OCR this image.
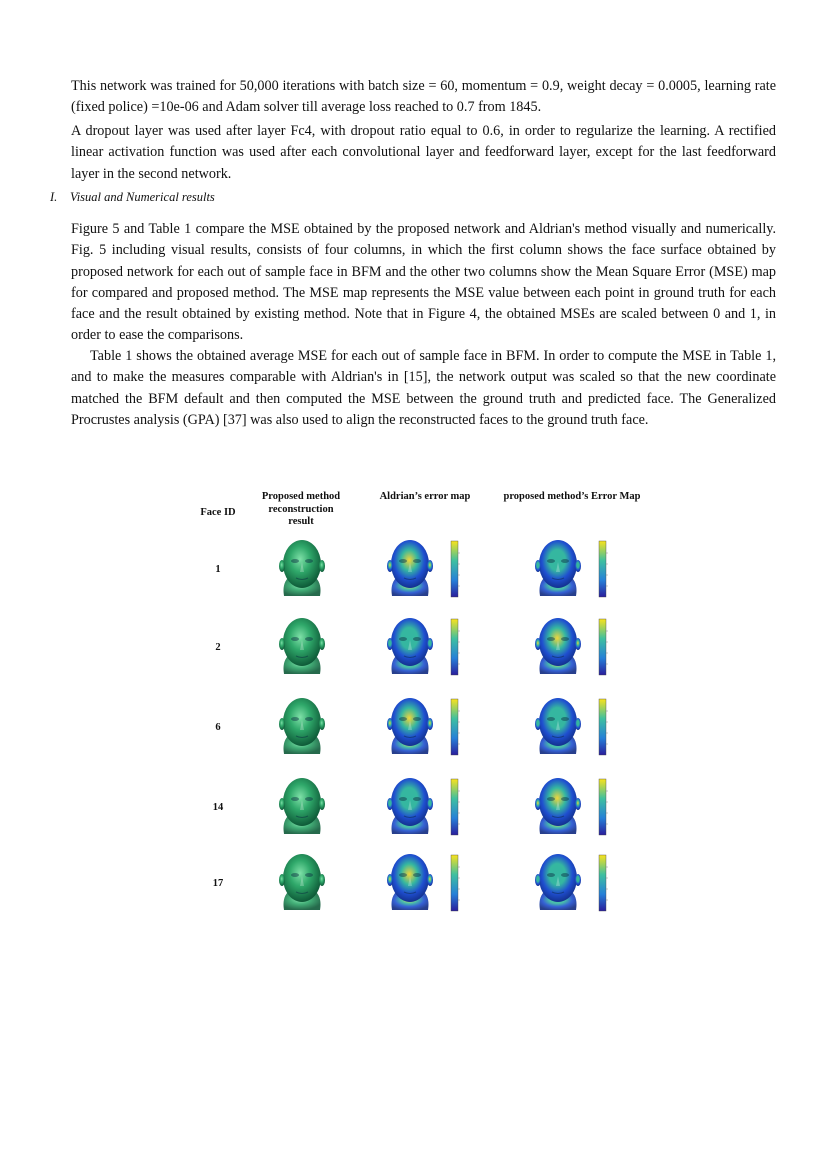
This network was trained for 50,000 iterations with batch size = 60, momentum = 0.9, weight decay = 0.0005, learning rate (fixed police) =10e-06 and Adam solver till average loss reached to 0.7 from 1845.

A dropout layer was used after layer Fc4, with dropout ratio equal to 0.6, in order to regularize the learning. A rectified linear activation function was used after each convolutional layer and feedforward layer, except for the last feedforward layer in the second network.

I. Visual and Numerical results

Figure 5 and Table 1 compare the MSE obtained by the proposed network and Aldrian's method visually and numerically. Fig. 5 including visual results, consists of four columns, in which the first column shows the face surface obtained by proposed network for each out of sample face in BFM and the other two columns show the Mean Square Error (MSE) map for compared and proposed method. The MSE map represents the MSE value between each point in ground truth for each face and the result obtained by existing method. Note that in Figure 4, the obtained MSEs are scaled between 0 and 1, in order to ease the comparisons.

Table 1 shows the obtained average MSE for each out of sample face in BFM. In order to compute the MSE in Table 1, and to make the measures comparable with Aldrian's in [15], the network output was scaled so that the new coordinate matched the BFM default and then computed the MSE between the ground truth and predicted face. The Generalized Procrustes analysis (GPA) [37] was also used to align the reconstructed faces to the ground truth face.

Face ID
Proposed method reconstruction result
Aldrian’s error map	proposed method’s Error Map
1
2
6
14
17
